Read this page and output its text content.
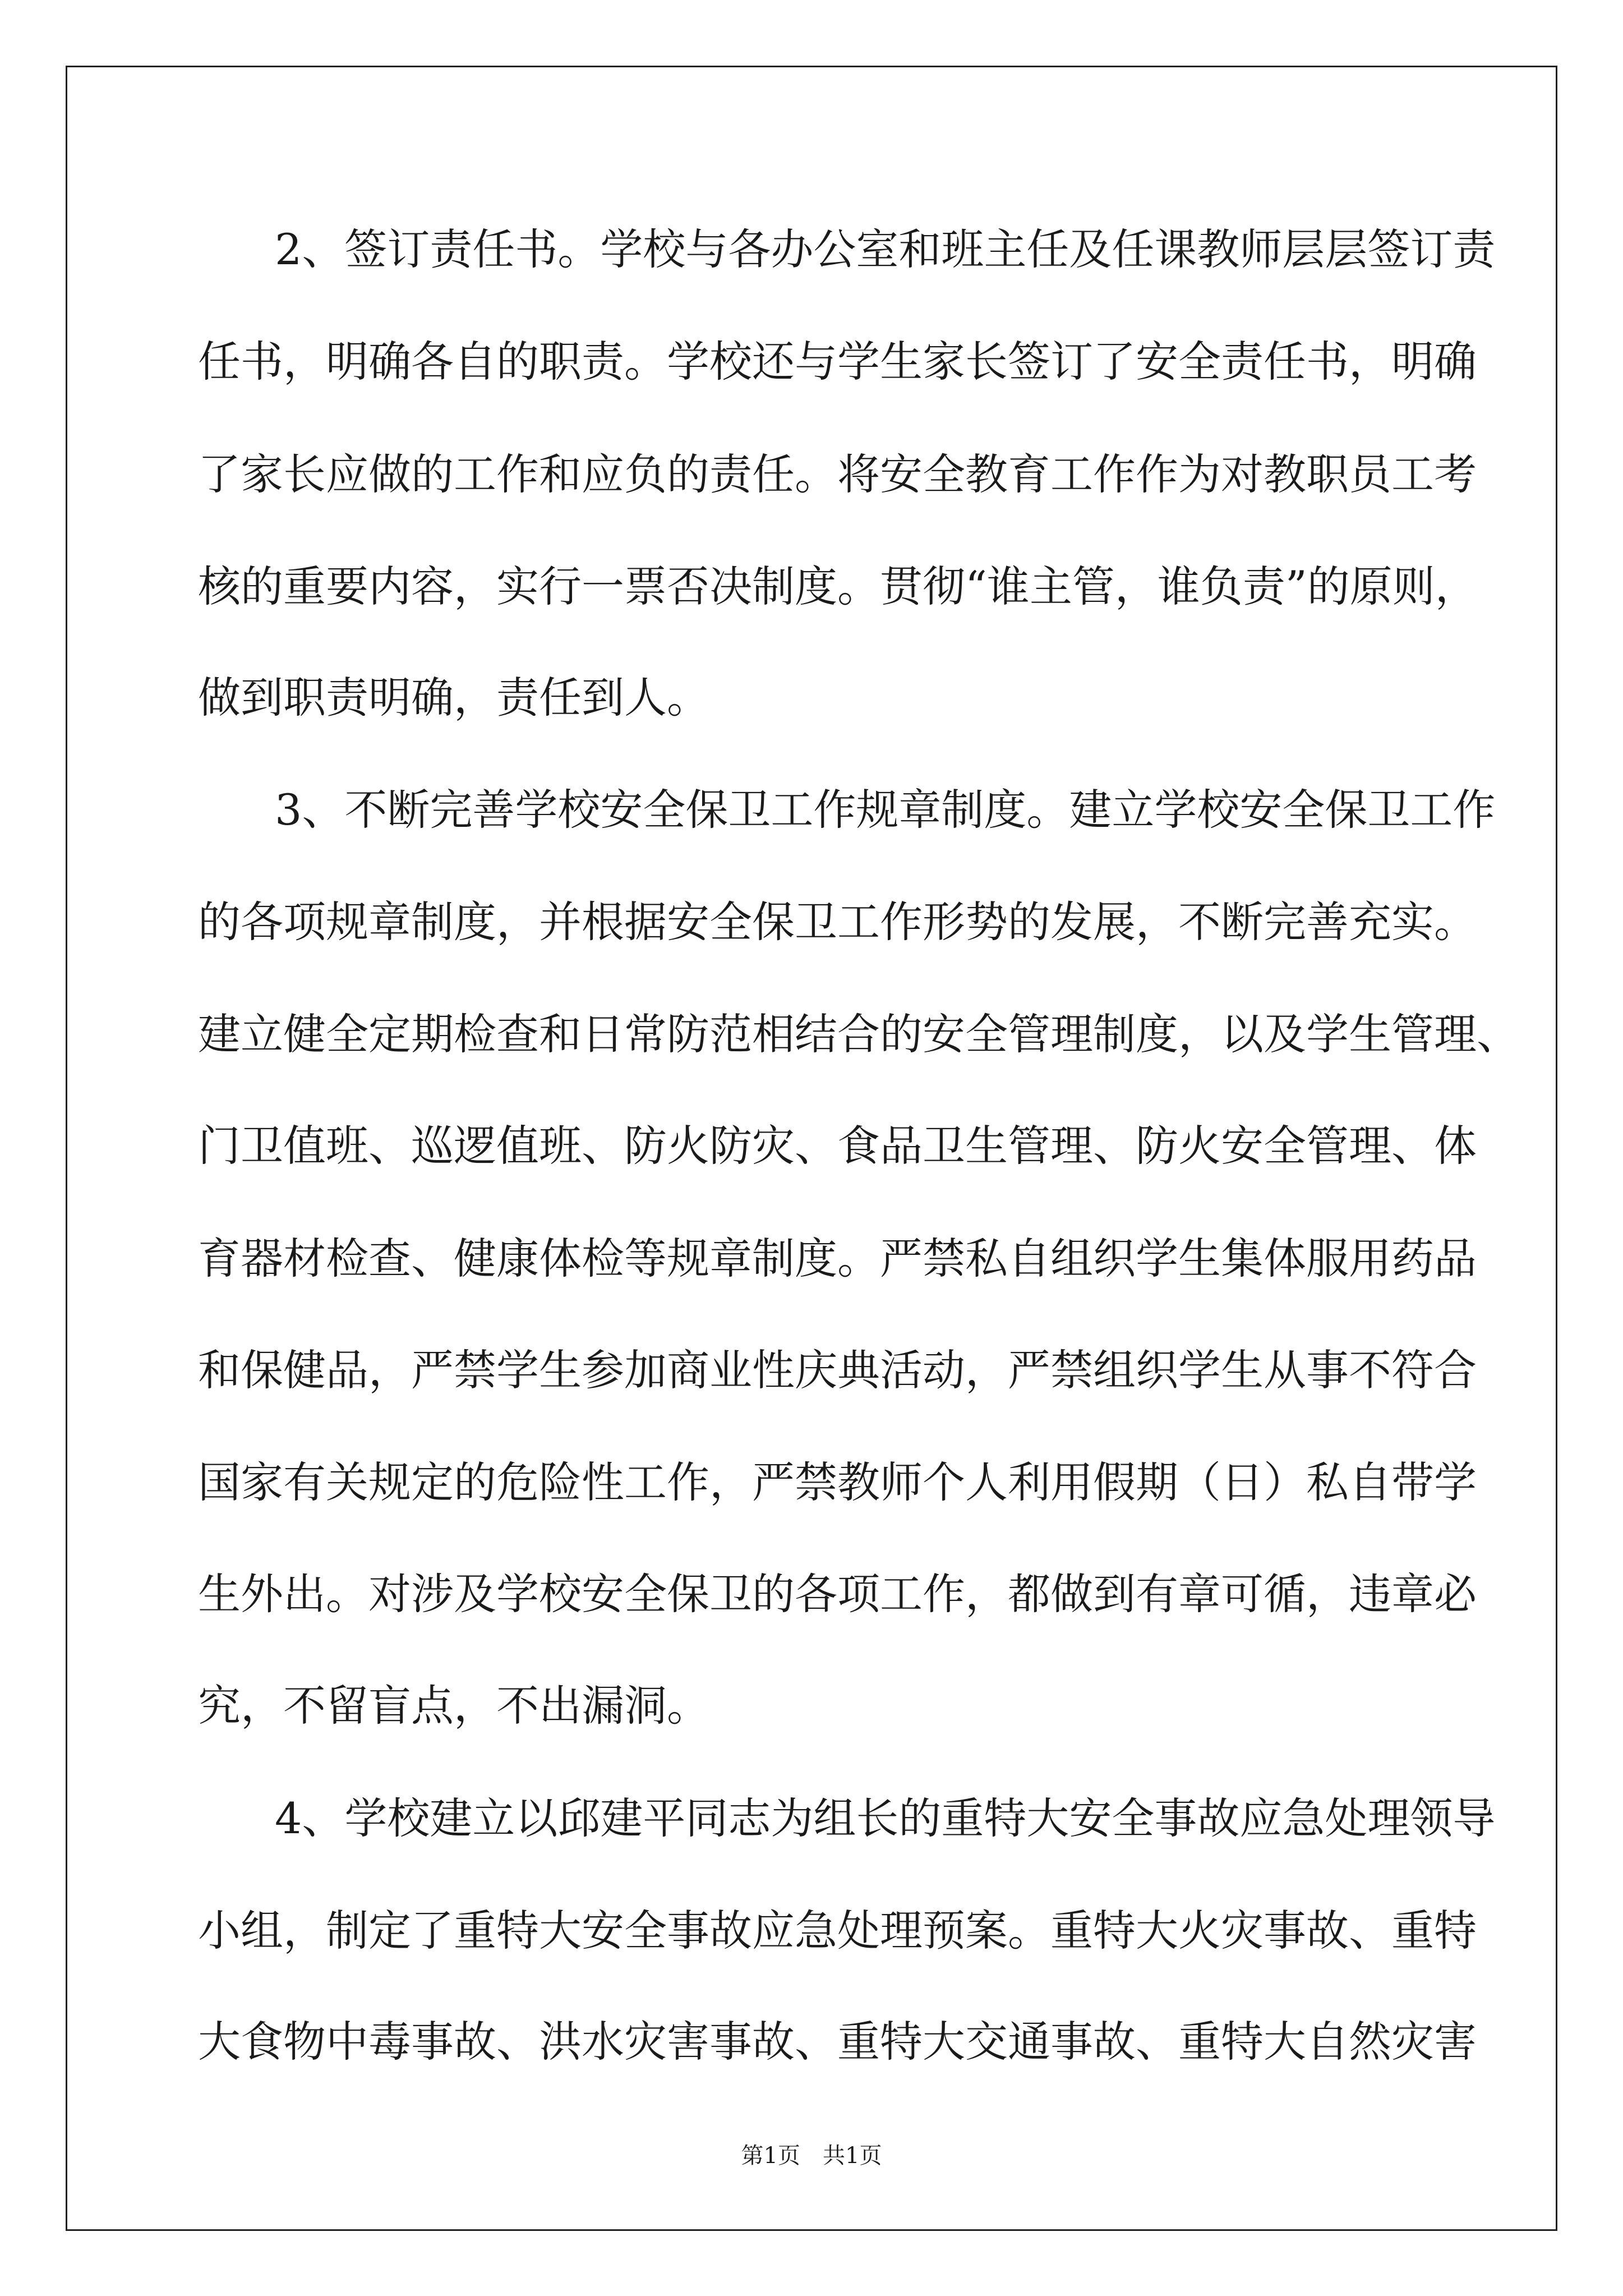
2、签订责任书。学校与各办公室和班主任及任课教师层层签订责

任书，明确各自的职责。学校还与学生家长签订了安全责任书，明确

了家长应做的工作和应负的责任。将安全教育工作作为对教职员工考

核的重要内容，实行一票否决制度。贯彻“谁主管，谁负责”的原则，

做到职责明确，责任到人。

3、不断完善学校安全保卫工作规章制度。建立学校安全保卫工作

的各项规章制度，并根据安全保卫工作形势的发展，不断完善充实。

建立健全定期检查和日常防范相结合的安全管理制度，以及学生管理、

门卫值班、巡逻值班、防火防灾、食品卫生管理、防火安全管理、体

育器材检查、健康体检等规章制度。严禁私自组织学生集体服用药品

和保健品，严禁学生参加商业性庆典活动，严禁组织学生从事不符合

国家有关规定的危险性工作，严禁教师个人利用假期（日）私自带学

生外出。对涉及学校安全保卫的各项工作，都做到有章可循，违章必

究，不留盲点，不出漏洞。

4、学校建立以邱建平同志为组长的重特大安全事故应急处理领导

小组，制定了重特大安全事故应急处理预案。重特大火灾事故、重特

大食物中毒事故、洪水灾害事故、重特大交通事故、重特大自然灾害

第1页 共1页
